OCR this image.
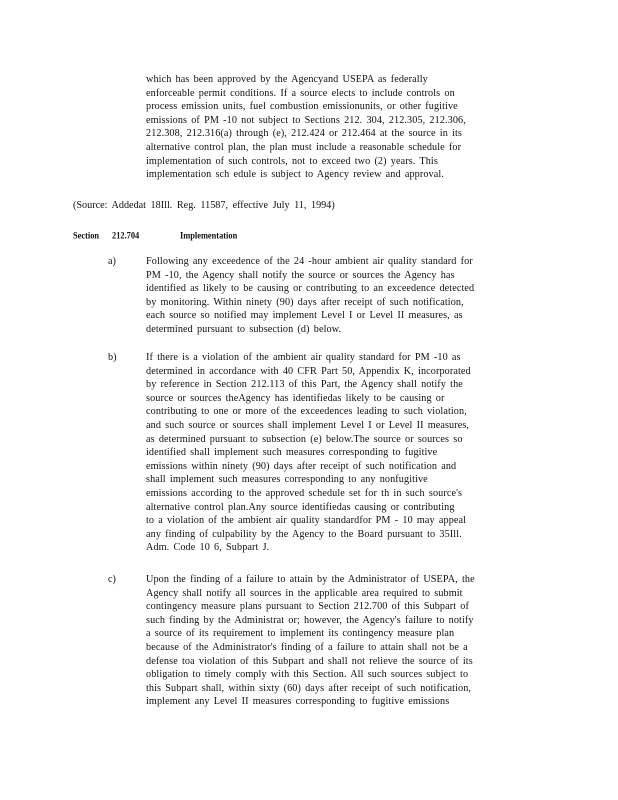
which has been approved by the Agencyand USEPA as federally
enforceable permit conditions. If a source elects to include controls on
process emission units, fuel combustion emissionunits, or other fugitive
emissions of PM -10 not subject to Sections 212. 304, 212.305, 212.306,
212.308, 212.316(a) through (e), 212.424 or 212.464 at the source in its
alternative control plan, the plan must include a reasonable schedule for
implementation of such controls, not to exceed two (2) years. This
implementation sch edule is subject to Agency review and approval.
(Source: Addedat 18Ill. Reg. 11587, effective July 11, 1994)
Section 212.704	Implementation
a)	Following any exceedence of the 24 -hour ambient air quality standard for
PM -10, the Agency shall notify the source or sources the Agency has
identified as likely to be causing or contributing to an exceedence detected
by monitoring. Within ninety (90) days after receipt of such notification,
each source so notified may implement Level I or Level II measures, as
determined pursuant to subsection (d) below.
b)	If there is a violation of the ambient air quality standard for PM -10 as
determined in accordance with 40 CFR Part 50, Appendix K, incorporated
by reference in Section 212.113 of this Part, the Agency shall notify the
source or sources theAgency has identifiedas likely to be causing or
contributing to one or more of the exceedences leading to such violation,
and such source or sources shall implement Level I or Level II measures,
as determined pursuant to subsection (e) below.The source or sources so
identified shall implement such measures corresponding to fugitive
emissions within ninety (90) days after receipt of such notification and
shall implement such measures corresponding to any nonfugitive
emissions according to the approved schedule set for th in such source's
alternative control plan.Any source identifiedas causing or contributing
to a violation of the ambient air quality standardfor PM - 10 may appeal
any finding of culpability by the Agency to the Board pursuant to 35Ill.
Adm. Code 10 6, Subpart J.
c)	Upon the finding of a failure to attain by the Administrator of USEPA, the
Agency shall notify all sources in the applicable area required to submit
contingency measure plans pursuant to Section 212.700 of this Subpart of
such finding by the Administrat or; however, the Agency's failure to notify
a source of its requirement to implement its contingency measure plan
because of the Administrator's finding of a failure to attain shall not be a
defense toa violation of this Subpart and shall not relieve the source of its
obligation to timely comply with this Section. All such sources subject to
this Subpart shall, within sixty (60) days after receipt of such notification,
implement any Level II measures corresponding to fugitive emissions
